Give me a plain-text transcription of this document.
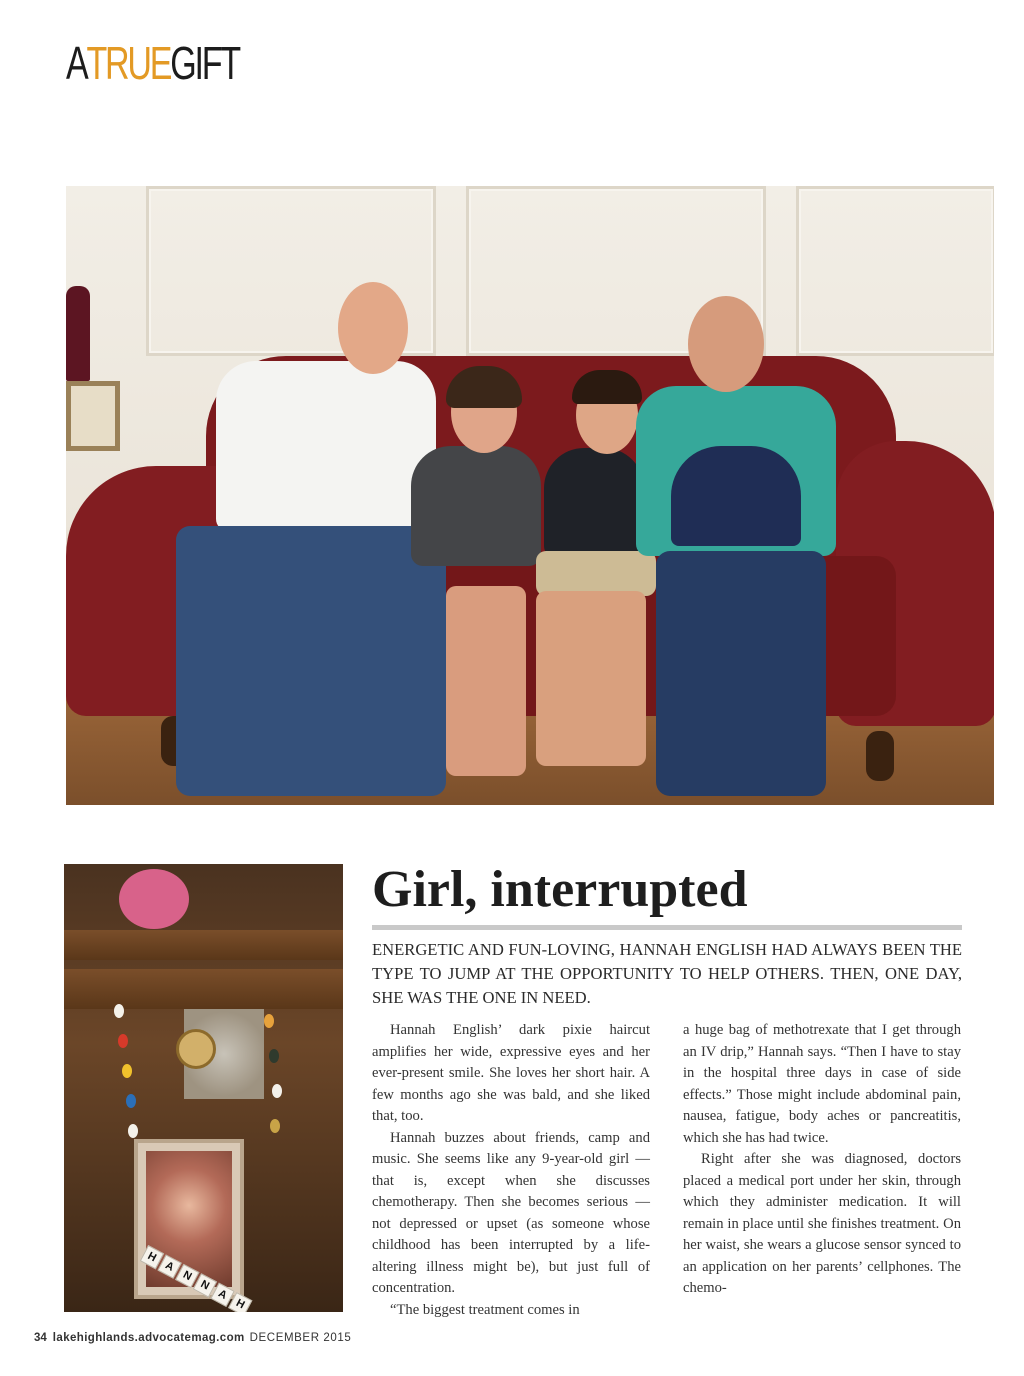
A TRUE GIFT
H
A
N
N
A
H
Girl, interrupted

ENERGETIC AND FUN-LOVING, HANNAH ENGLISH HAD ALWAYS BEEN THE TYPE TO JUMP AT THE OPPORTUNITY TO HELP OTHERS. THEN, ONE DAY, SHE WAS THE ONE IN NEED.

Hannah English’ dark pixie haircut amplifies her wide, expressive eyes and her ever-present smile. She loves her short hair. A few months ago she was bald, and she liked that, too.

Hannah buzzes about friends, camp and music. She seems like any 9-year-old girl — that is, except when she discusses chemotherapy. Then she becomes serious — not depressed or upset (as someone whose childhood has been interrupted by a life-altering illness might be), but just full of concentration.

“The biggest treatment comes in

a huge bag of methotrexate that I get through an IV drip,” Hannah says. “Then I have to stay in the hospital three days in case of side effects.” Those might include abdominal pain, nausea, fatigue, body aches or pancreatitis, which she has had twice.

Right after she was diagnosed, doctors placed a medical port under her skin, through which they administer medication. It will remain in place until she finishes treatment. On her waist, she wears a glucose sensor synced to an application on her parents’ cellphones. The chemo-

34 lakehighlands.advocatemag.com DECEMBER 2015
